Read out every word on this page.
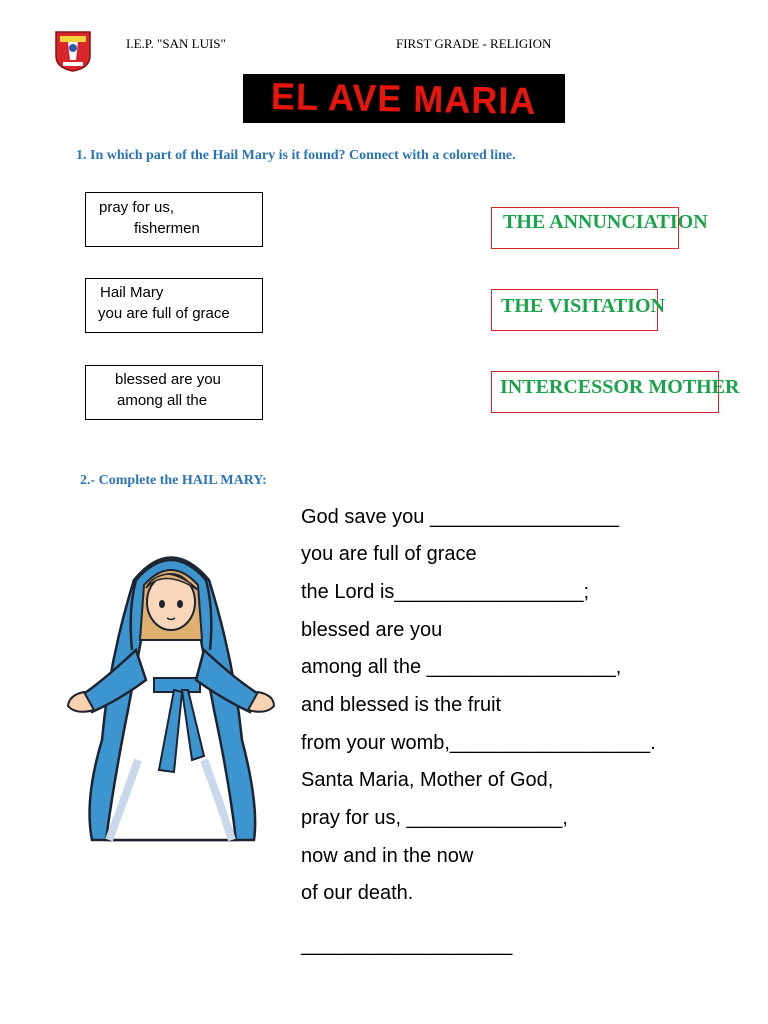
I.E.P. "SAN LUIS"	FIRST GRADE - RELIGION
EL AVE MARIA
1. In which part of the Hail Mary is it found? Connect with a colored line.
pray for us,
fishermen
Hail Mary
you are full of grace
blessed are you
among all the
THE ANNUNCIATION
THE VISITATION
INTERCESSOR MOTHER
2.- Complete the HAIL MARY:
God save you _________________
you are full of grace
the Lord is_________________;
blessed are you
among all the _________________,
and blessed is the fruit
from your womb,__________________.
Santa Maria, Mother of God,
pray for us, ______________,
now and in the now
of our death.
___________________
